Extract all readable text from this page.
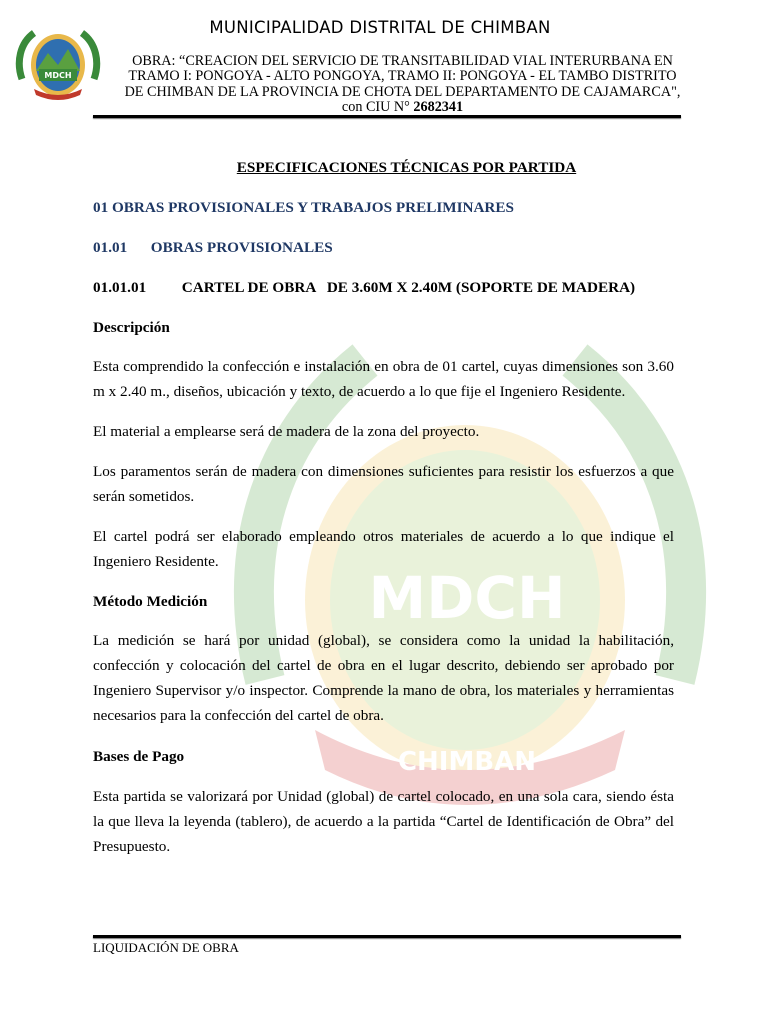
MDCH
CHIMBAN
MDCH
MUNICIPALIDAD DISTRITAL DE CHIMBAN
OBRA: “CREACION DEL SERVICIO DE TRANSITABILIDAD VIAL INTERURBANA EN TRAMO I: PONGOYA - ALTO PONGOYA, TRAMO II: PONGOYA - EL TAMBO DISTRITO DE CHIMBAN DE LA PROVINCIA DE CHOTA DEL DEPARTAMENTO DE CAJAMARCA", con CIU N° 2682341
ESPECIFICACIONES TÉCNICAS POR PARTIDA
01 OBRAS PROVISIONALES Y TRABAJOS PRELIMINARES
01.01 OBRAS PROVISIONALES
01.01.01 CARTEL DE OBRA   DE 3.60M X 2.40M (SOPORTE DE MADERA)
Descripción
Esta comprendido la confección e instalación en obra de 01 cartel, cuyas dimensiones son 3.60 m x 2.40 m., diseños, ubicación y texto, de acuerdo a lo que fije el Ingeniero Residente.
El material a emplearse será de madera de la zona del proyecto.
Los paramentos serán de madera con dimensiones suficientes para resistir los esfuerzos a que serán sometidos.
El cartel podrá ser elaborado empleando otros materiales de acuerdo a lo que indique el Ingeniero Residente.
Método Medición
La medición se hará por unidad (global), se considera como la unidad la habilitación, confección y colocación del cartel de obra en el lugar descrito, debiendo ser aprobado por Ingeniero Supervisor y/o inspector. Comprende la mano de obra, los materiales y herramientas necesarios para la confección del cartel de obra.
Bases de Pago
Esta partida se valorizará por Unidad (global) de cartel colocado, en una sola cara, siendo ésta la que lleva la leyenda (tablero), de acuerdo a la partida “Cartel de Identificación de Obra” del Presupuesto.
LIQUIDACIÓN DE OBRA
